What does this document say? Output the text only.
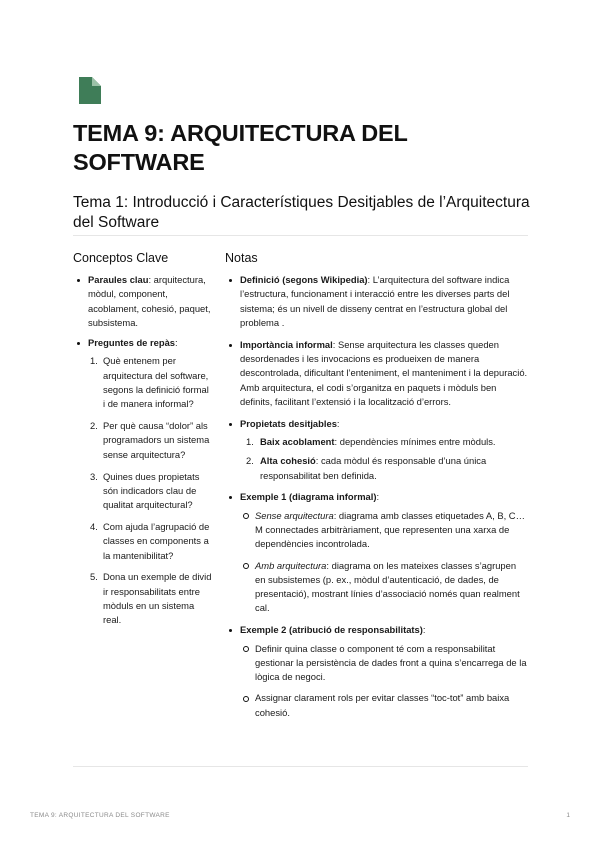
TEMA 9: ARQUITECTURA DEL SOFTWARE
Tema 1: Introducció i Característiques Desitjables de l’Arquitectura del Software
Conceptos Clave
Paraules clau: arquitectura, mòdul, component, acoblament, cohesió, paquet, subsistema.
Preguntes de repàs:
1. Què entenem per arquitectura del software, segons la definició formal i de manera informal?
2. Per què causa “dolor” als programadors un sistema sense arquitectura?
3. Quines dues propietats són indicadors clau de qualitat arquitectural?
4. Com ajuda l’agrupació de classes en components a la mantenibilitat?
5. Dona un exemple de divid ir responsabilitats entre mòduls en un sistema real.
Notas
Definició (segons Wikipedia): L’arquitectura del software indica l’estructura, funcionament i interacció entre les diverses parts del sistema; és un nivell de disseny centrat en l’estructura global del problema .
Importància informal: Sense arquitectura les classes queden desordenades i les invocacions es produeixen de manera descontrolada, dificultant l’enteniment, el manteniment i la depuració. Amb arquitectura, el codi s’organitza en paquets i mòduls ben definits, facilitant l’extensió i la localització d’errors.
Propietats desitjables:
1. Baix acoblament: dependències mínimes entre mòduls.
2. Alta cohesió: cada mòdul és responsable d’una única responsabilitat ben definida.
Exemple 1 (diagrama informal):
Sense arquitectura: diagrama amb classes etiquetades A, B, C… M connectades arbitràriament, que representen una xarxa de dependències incontrolada.
Amb arquitectura: diagrama on les mateixes classes s’agrupen en subsistemes (p. ex., mòdul d’autenticació, de dades, de presentació), mostrant línies d’associació només quan realment cal.
Exemple 2 (atribució de responsabilitats):
Definir quina classe o component té com a responsabilitat gestionar la persistència de dades front a quina s’encarrega de la lògica de negoci.
Assignar clarament rols per evitar classes “toc-tot” amb baixa cohesió.
TEMA 9: ARQUITECTURA DEL SOFTWARE	1
